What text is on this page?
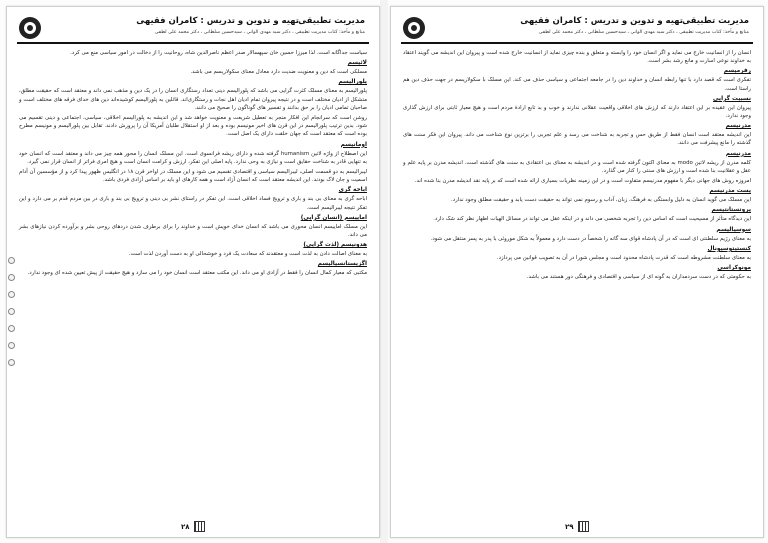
مدیریت تطبیقی
تهیه و تدوین و تدریس : کامران فقیهی
منابع و مآخذ: کتاب مدیریت تطبیقی ، دکتر سید مهدی الوانی ، سیدحسین سلطانی ، دکتر محمد علی لطفی

سیاست جداگانه است. لذا میرزا حسین خان سپهسالار صدر اعظم ناصرالدین شاه، روحانیت را از دخالت در امور سیاسی منع می کرد.

لائیسم

مسلکی است که دین و معنویت ضدیت دارد معادل معنای سکولاریسم می باشد.

پلورالیسم

پلورالیسم به معنای مسلک کثرت گرایی می باشد که پلورالیسم دینی تعداد رستگاری انسان را در یک دین و مذهب نمی داند و معتقد است که حقیقت مطلق، متشکل از ادیان مختلف است و در نتیجه پیروان تمام ادیان اهل نجات و رستگاری‌اند. قائلین به پلورالیسم کوشیده‌اند دین های خدای فرقه های مختلف است و صاحبان تمامی ادیان را بر حق بدانند و تفسیر های گوناگون را صحیح می دانند.

روشن است که سرانجام این افکار منجر به تعطیل شریعت و معنویت خواهد شد و این اندیشه به پلورالیسم اخلاقی، سیاسی، اجتماعی و دینی تقسیم می شود. بدین ترتیب پلورالیسم در این قرن های اخیر مونیسم بوده و بعد از او استقلال طلبان آمریکا آن را پرورش دادند. تقابل بین پلورالیسم و مونیسم مطرح بوده است که معتقد است که جهان خلقت دارای یک اصل است.

اومانیسم

این اصطلاح از واژه لاتین humanism گرفته شده و دارای ریشه فرانسوی است. این مسلک انسان را محور همه چیز می داند و معتقد است که انسان خود به تنهایی قادر به شناخت حقایق است و نیازی به وحی ندارد. پایه اصلی این تفکر، ارزش و کرامت انسان است و هیچ امری فراتر از انسان قرار نمی گیرد.

لیبرالیسم به دو قسمت اصلی، لیبرالیسم سیاسی و اقتصادی تقسیم می شود و این مسلک در اواخر قرن ۱۸ در انگلیس ظهور پیدا کرد و از مؤسسین آن آدام اسمیت و جان لاک بودند. این اندیشه معتقد است که انسان آزاد است و همه کارهای او باید بر اساس آزادی فردی باشد.

اباحه گری

اباحه گری به معنای بی بند و باری و ترویج فساد اخلاقی است. این تفکر در راستای نشر بی دینی و ترویج بی بند و باری در بین مردم قدم بر می دارد و این تفکر نتیجه لیبرالیسم است.

اماییسم (انسان گرایی)

این مسلک اماییسم انسان محوری می باشد که انسان خدای خویش است و خداوند را برای برطرف شدن دردهای روحی بشر و برآورده کردن نیازهای بشر می داند.

هدونیسم (لذت گرایی)

به معنای اصالت دادن به لذت است و معتقدند که سعادت یک فرد و خوشحالی او به دست آوردن لذت است.

اگزیستانسیالیسم

مکتبی که معیار کمال انسان را فقط در آزادی او می داند. این مکتب معتقد است انسان خود را می سازد و هیچ حقیقت از پیش تعیین شده ای وجود ندارد.

۲۸
مدیریت تطبیقی
تهیه و تدوین و تدریس : کامران فقیهی
منابع و مآخذ: کتاب مدیریت تطبیقی ، دکتر سید مهدی الوانی ، سیدحسین سلطانی ، دکتر محمد علی لطفی

انسان را از انسانیت خارج می نماید و اگر انسان خود را وابسته و متعلق و بنده چیزی نماید از انسانیت خارج شده است و پیروان این اندیشه می گویند اعتقاد به خداوند نوعی اسارت و مانع رشد بشر است.

رفرمیسم

تفکری است که قصد دارد با تنها رابطه انسان و خداوند دین را در جامعه اجتماعی و سیاسی حذف می کند. این مسلک با سکولاریسم در جهت حذف دین هم راستا است.

نسبیت گرایی

پیروان این عقیده بر این اعتقاد دارند که ارزش های اخلاقی واقعیت عقلانی ندارند و خوب و بد تابع ارادهٔ مردم است و هیچ معیار ثابتی برای ارزش گذاری وجود ندارد.

مدرنیسم

این اندیشه معتقد است انسان فقط از طریق حس و تجربه به شناخت می رسد و علم تجربی را برترین نوع شناخت می داند. پیروان این فکر سنت های گذشته را مانع پیشرفت می دانند.

مدرنیسم

کلمه مدرن از ریشه لاتین modo به معنای اکنون گرفته شده است و در اندیشه به معنای بی اعتقادی به سنت های گذشته است. اندیشه مدرن بر پایه علم و عقل و عقلانیت بنا شده است و ارزش های سنتی را کنار می گذارد.

امروزه روش های جهانی دیگر با مفهوم مدرنیسم متفاوت است و در این زمینه نظریات بسیاری ارائه شده است که بر پایه نقد اندیشه مدرن بنا شده اند.

پست مدرنیسم

این مسلک می گوید انسان به دلیل وابستگی به فرهنگ، زبان، آداب و رسوم نمی تواند به حقیقت دست یابد و حقیقت مطلق وجود ندارد.

پروتستانتیسم

این دیدگاه متأثر از مسیحیت است که اساس دین را تجربه شخصی می داند و در اینکه عقل می تواند در مسائل الهیات اظهار نظر کند شک دارد.

سوسیالیسم

به معنای رژیم سلطنتی ای است که در آن پادشاه قوای سه گانه را شخصاً در دست دارد و معمولاً به شکل موروثی با پدر به پسر منتقل می شود.

کنستیتوسیونال

به معنای سلطنت مشروطه است که قدرت پادشاه محدود است و مجلس شورا در آن به تصویب قوانین می پردازد.

مونوکراسی

به حکومتی که در دست سردمداران به گونه ای از سیاسی و اقتصادی و فرهنگی دور هستند می باشد.

۲۹
